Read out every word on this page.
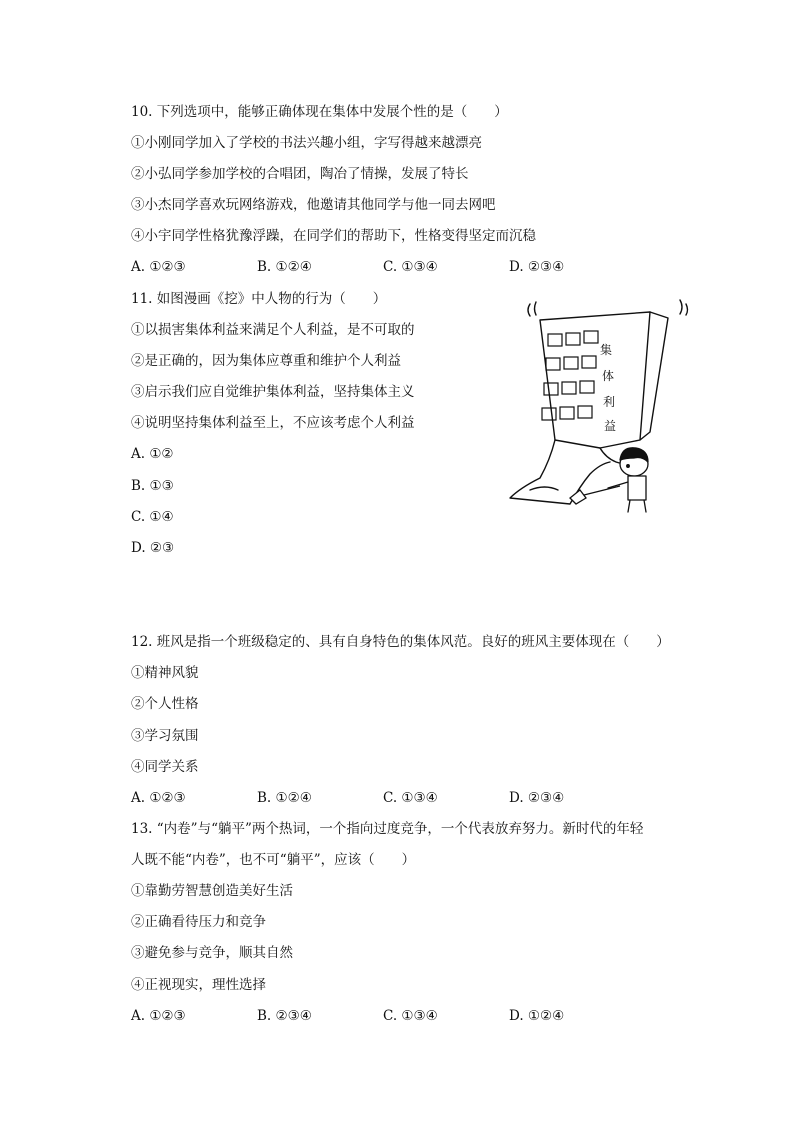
10. 下列选项中，能够正确体现在集体中发展个性的是（　　）
①小刚同学加入了学校的书法兴趣小组，字写得越来越漂亮
②小弘同学参加学校的合唱团，陶冶了情操，发展了特长
③小杰同学喜欢玩网络游戏，他邀请其他同学与他一同去网吧
④小宇同学性格犹豫浮躁，在同学们的帮助下，性格变得坚定而沉稳
A. ①②③	B. ①②④	C. ①③④	D. ②③④
11. 如图漫画《挖》中人物的行为（　　）
①以损害集体利益来满足个人利益，是不可取的
②是正确的，因为集体应尊重和维护个人利益
③启示我们应自觉维护集体利益，坚持集体主义
④说明坚持集体利益至上，不应该考虑个人利益
A. ①②
B. ①③
C. ①④
D. ②③
集
体
利
益
12. 班风是指一个班级稳定的、具有自身特色的集体风范。良好的班风主要体现在（　　）
①精神风貌
②个人性格
③学习氛围
④同学关系
A. ①②③	B. ①②④	C. ①③④	D. ②③④
13. “内卷”与“躺平”两个热词，一个指向过度竞争，一个代表放弃努力。新时代的年轻
人既不能“内卷”，也不可“躺平”，应该（　　）
①靠勤劳智慧创造美好生活
②正确看待压力和竞争
③避免参与竞争，顺其自然
④正视现实，理性选择
A. ①②③	B. ②③④	C. ①③④	D. ①②④
